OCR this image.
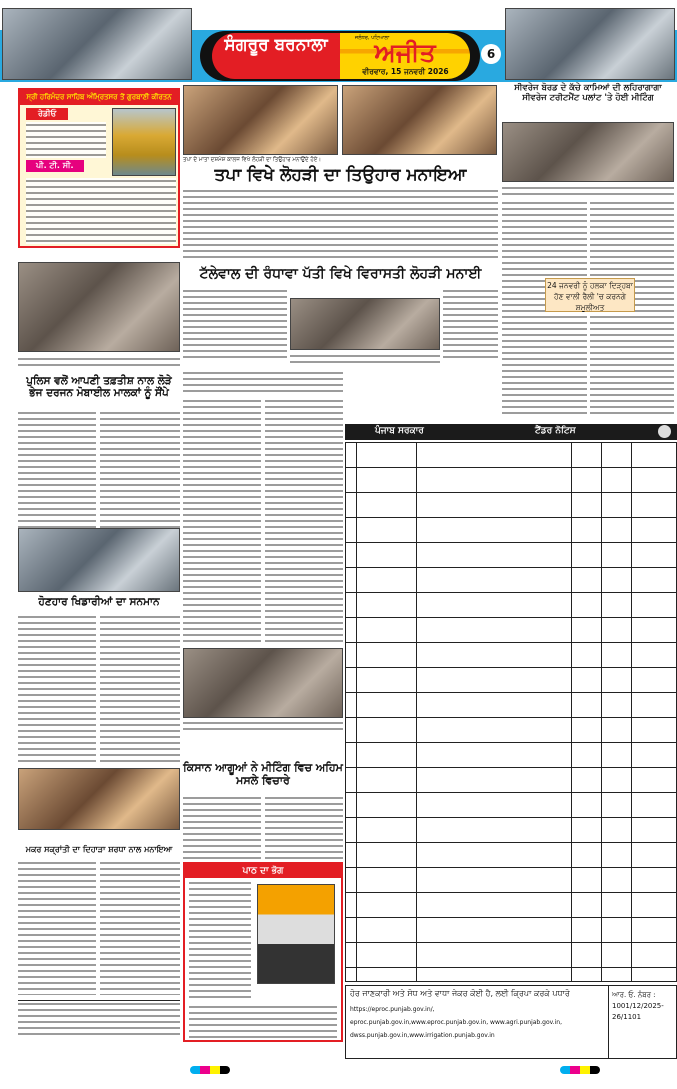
ਸੰਗਰੂਰ ਬਰਨਾਲਾ	ਜਲੰਧਰ, ਪਟਿਆਲਾ
ਅਜੀਤ
ਵੀਰਵਾਰ, 15 ਜਨਵਰੀ 2026
6
ਸ੍ਰੀ ਹਰਿਮੰਦਰ ਸਾਹਿਬ ਅੰਮ੍ਰਿਤਸਰ ਤੋਂ ਗੁਰਬਾਣੀ ਕੀਰਤਨ
ਰੇਡੀਓ
ਪੀ. ਟੀ. ਸੀ.
ਪੁਲਿਸ ਵਲੋਂ ਆਪਣੀ ਤਫ਼ਤੀਸ਼ ਨਾਲ ਲੋੜੇ ਭੇਜ ਦਰਜਨ ਮੋਬਾਈਲ ਮਾਲਕਾਂ ਨੂੰ ਸੌਂਪੇ
ਹੋਣਹਾਰ ਖਿਡਾਰੀਆਂ ਦਾ ਸਨਮਾਨ
ਮਕਰ ਸਕ੍ਰਾਂਤੀ ਦਾ ਦਿਹਾੜਾ ਸ਼ਰਧਾ ਨਾਲ ਮਨਾਇਆ
ਤਪਾ ਦੇ ਮਾਤਾ ਦਸ਼ਮੇਸ਼ ਕਾਲਜ ਵਿਖੇ ਲੋਹੜੀ ਦਾ ਤਿਉਹਾਰ ਮਨਾਉਂਦੇ ਹੋਏ।
ਤਪਾ ਵਿਖੇ ਲੋਹੜੀ ਦਾ ਤਿਉਹਾਰ ਮਨਾਇਆ
ਟੱਲੇਵਾਲ ਦੀ ਰੰਧਾਵਾ ਪੱਤੀ ਵਿਖੇ ਵਿਰਾਸਤੀ ਲੋਹੜੀ ਮਨਾਈ
ਕਿਸਾਨ ਆਗੂਆਂ ਨੇ ਮੀਟਿੰਗ ਵਿਚ ਅਹਿਮ ਮਸਲੇ ਵਿਚਾਰੇ
ਪਾਠ ਦਾ ਭੋਗ
ਸੀਵਰੇਜ ਬੋਰਡ ਦੇ ਕੱਚੇ ਕਾਮਿਆਂ ਦੀ ਲਹਿਰਾਗਾਗਾ ਸੀਵਰੇਜ ਟਰੀਟਮੈਂਟ ਪਲਾਂਟ 'ਤੇ ਹੋਈ ਮੀਟਿੰਗ
24 ਜਨਵਰੀ ਨੂੰ ਹਲਕਾ ਦਿੜ੍ਹਬਾ ਹੋਣ ਵਾਲੀ ਰੈਲੀ 'ਚ ਕਰਨਗੇ ਸ਼ਮੂਲੀਅਤ
ਪੰਜਾਬ ਸਰਕਾਰ	ਟੈਂਡਰ ਨੋਟਿਸ
ਹੋਰ ਜਾਣਕਾਰੀ ਅਤੇ ਸੋਧ ਅਤੇ ਵਾਧਾ ਜੇਕਰ ਕੋਈ ਹੈ, ਲਈ ਕ੍ਰਿਪਾ ਕਰਕੇ ਪਧਾਰੋ
https://eproc.punjab.gov.in/,
eproc.punjab.gov.in,www.eproc.punjab.gov.in, www.agri.punjab.gov.in,
dwss.punjab.gov.in,www.irrigation.punjab.gov.in
ਆਰ. ਓ. ਨੰਬਰ : 1001/12/2025-26/1101
